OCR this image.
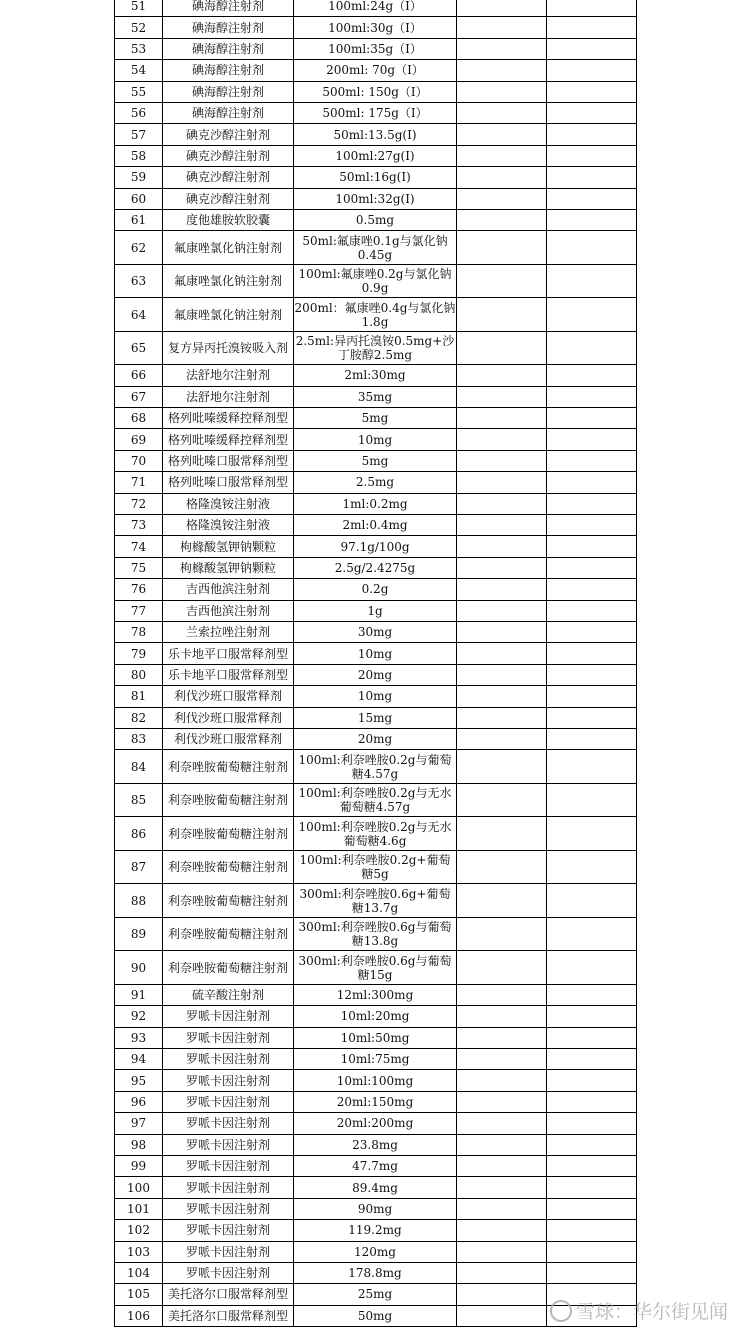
51	碘海醇注射剂	100ml:24g（I）		
52	碘海醇注射剂	100ml:30g（I）		
53	碘海醇注射剂	100ml:35g（I）		
54	碘海醇注射剂	200ml: 70g（I）		
55	碘海醇注射剂	500ml: 150g（I）		
56	碘海醇注射剂	500ml: 175g（I）		
57	碘克沙醇注射剂	50ml:13.5g(I)		
58	碘克沙醇注射剂	100ml:27g(I)		
59	碘克沙醇注射剂	50ml:16g(I)		
60	碘克沙醇注射剂	100ml:32g(I)		
61	度他雄胺软胶囊	0.5mg		
62	氟康唑氯化钠注射剂	50ml:氟康唑0.1g与氯化钠0.45g		
63	氟康唑氯化钠注射剂	100ml:氟康唑0.2g与氯化钠0.9g		
64	氟康唑氯化钠注射剂	200ml：氟康唑0.4g与氯化钠1.8g		
65	复方异丙托溴铵吸入剂	2.5ml:异丙托溴铵0.5mg+沙丁胺醇2.5mg		
66	法舒地尔注射剂	2ml:30mg		
67	法舒地尔注射剂	35mg		
68	格列吡嗪缓释控释剂型	5mg		
69	格列吡嗪缓释控释剂型	10mg		
70	格列吡嗪口服常释剂型	5mg		
71	格列吡嗪口服常释剂型	2.5mg		
72	格隆溴铵注射液	1ml:0.2mg		
73	格隆溴铵注射液	2ml:0.4mg		
74	枸橼酸氢钾钠颗粒	97.1g/100g		
75	枸橼酸氢钾钠颗粒	2.5g/2.4275g		
76	吉西他滨注射剂	0.2g		
77	吉西他滨注射剂	1g		
78	兰索拉唑注射剂	30mg		
79	乐卡地平口服常释剂型	10mg		
80	乐卡地平口服常释剂型	20mg		
81	利伐沙班口服常释剂	10mg		
82	利伐沙班口服常释剂	15mg		
83	利伐沙班口服常释剂	20mg		
84	利奈唑胺葡萄糖注射剂	100ml:利奈唑胺0.2g与葡萄糖4.57g		
85	利奈唑胺葡萄糖注射剂	100ml:利奈唑胺0.2g与无水葡萄糖4.57g		
86	利奈唑胺葡萄糖注射剂	100ml:利奈唑胺0.2g与无水葡萄糖4.6g		
87	利奈唑胺葡萄糖注射剂	100ml:利奈唑胺0.2g+葡萄糖5g		
88	利奈唑胺葡萄糖注射剂	300ml:利奈唑胺0.6g+葡萄糖13.7g		
89	利奈唑胺葡萄糖注射剂	300ml:利奈唑胺0.6g与葡萄糖13.8g		
90	利奈唑胺葡萄糖注射剂	300ml:利奈唑胺0.6g与葡萄糖15g		
91	硫辛酸注射剂	12ml:300mg		
92	罗哌卡因注射剂	10ml:20mg		
93	罗哌卡因注射剂	10ml:50mg		
94	罗哌卡因注射剂	10ml:75mg		
95	罗哌卡因注射剂	10ml:100mg		
96	罗哌卡因注射剂	20ml:150mg		
97	罗哌卡因注射剂	20ml:200mg		
98	罗哌卡因注射剂	23.8mg		
99	罗哌卡因注射剂	47.7mg		
100	罗哌卡因注射剂	89.4mg		
101	罗哌卡因注射剂	90mg		
102	罗哌卡因注射剂	119.2mg		
103	罗哌卡因注射剂	120mg		
104	罗哌卡因注射剂	178.8mg		
105	美托洛尔口服常释剂型	25mg		
106	美托洛尔口服常释剂型	50mg			雪球：华尔街见闻
